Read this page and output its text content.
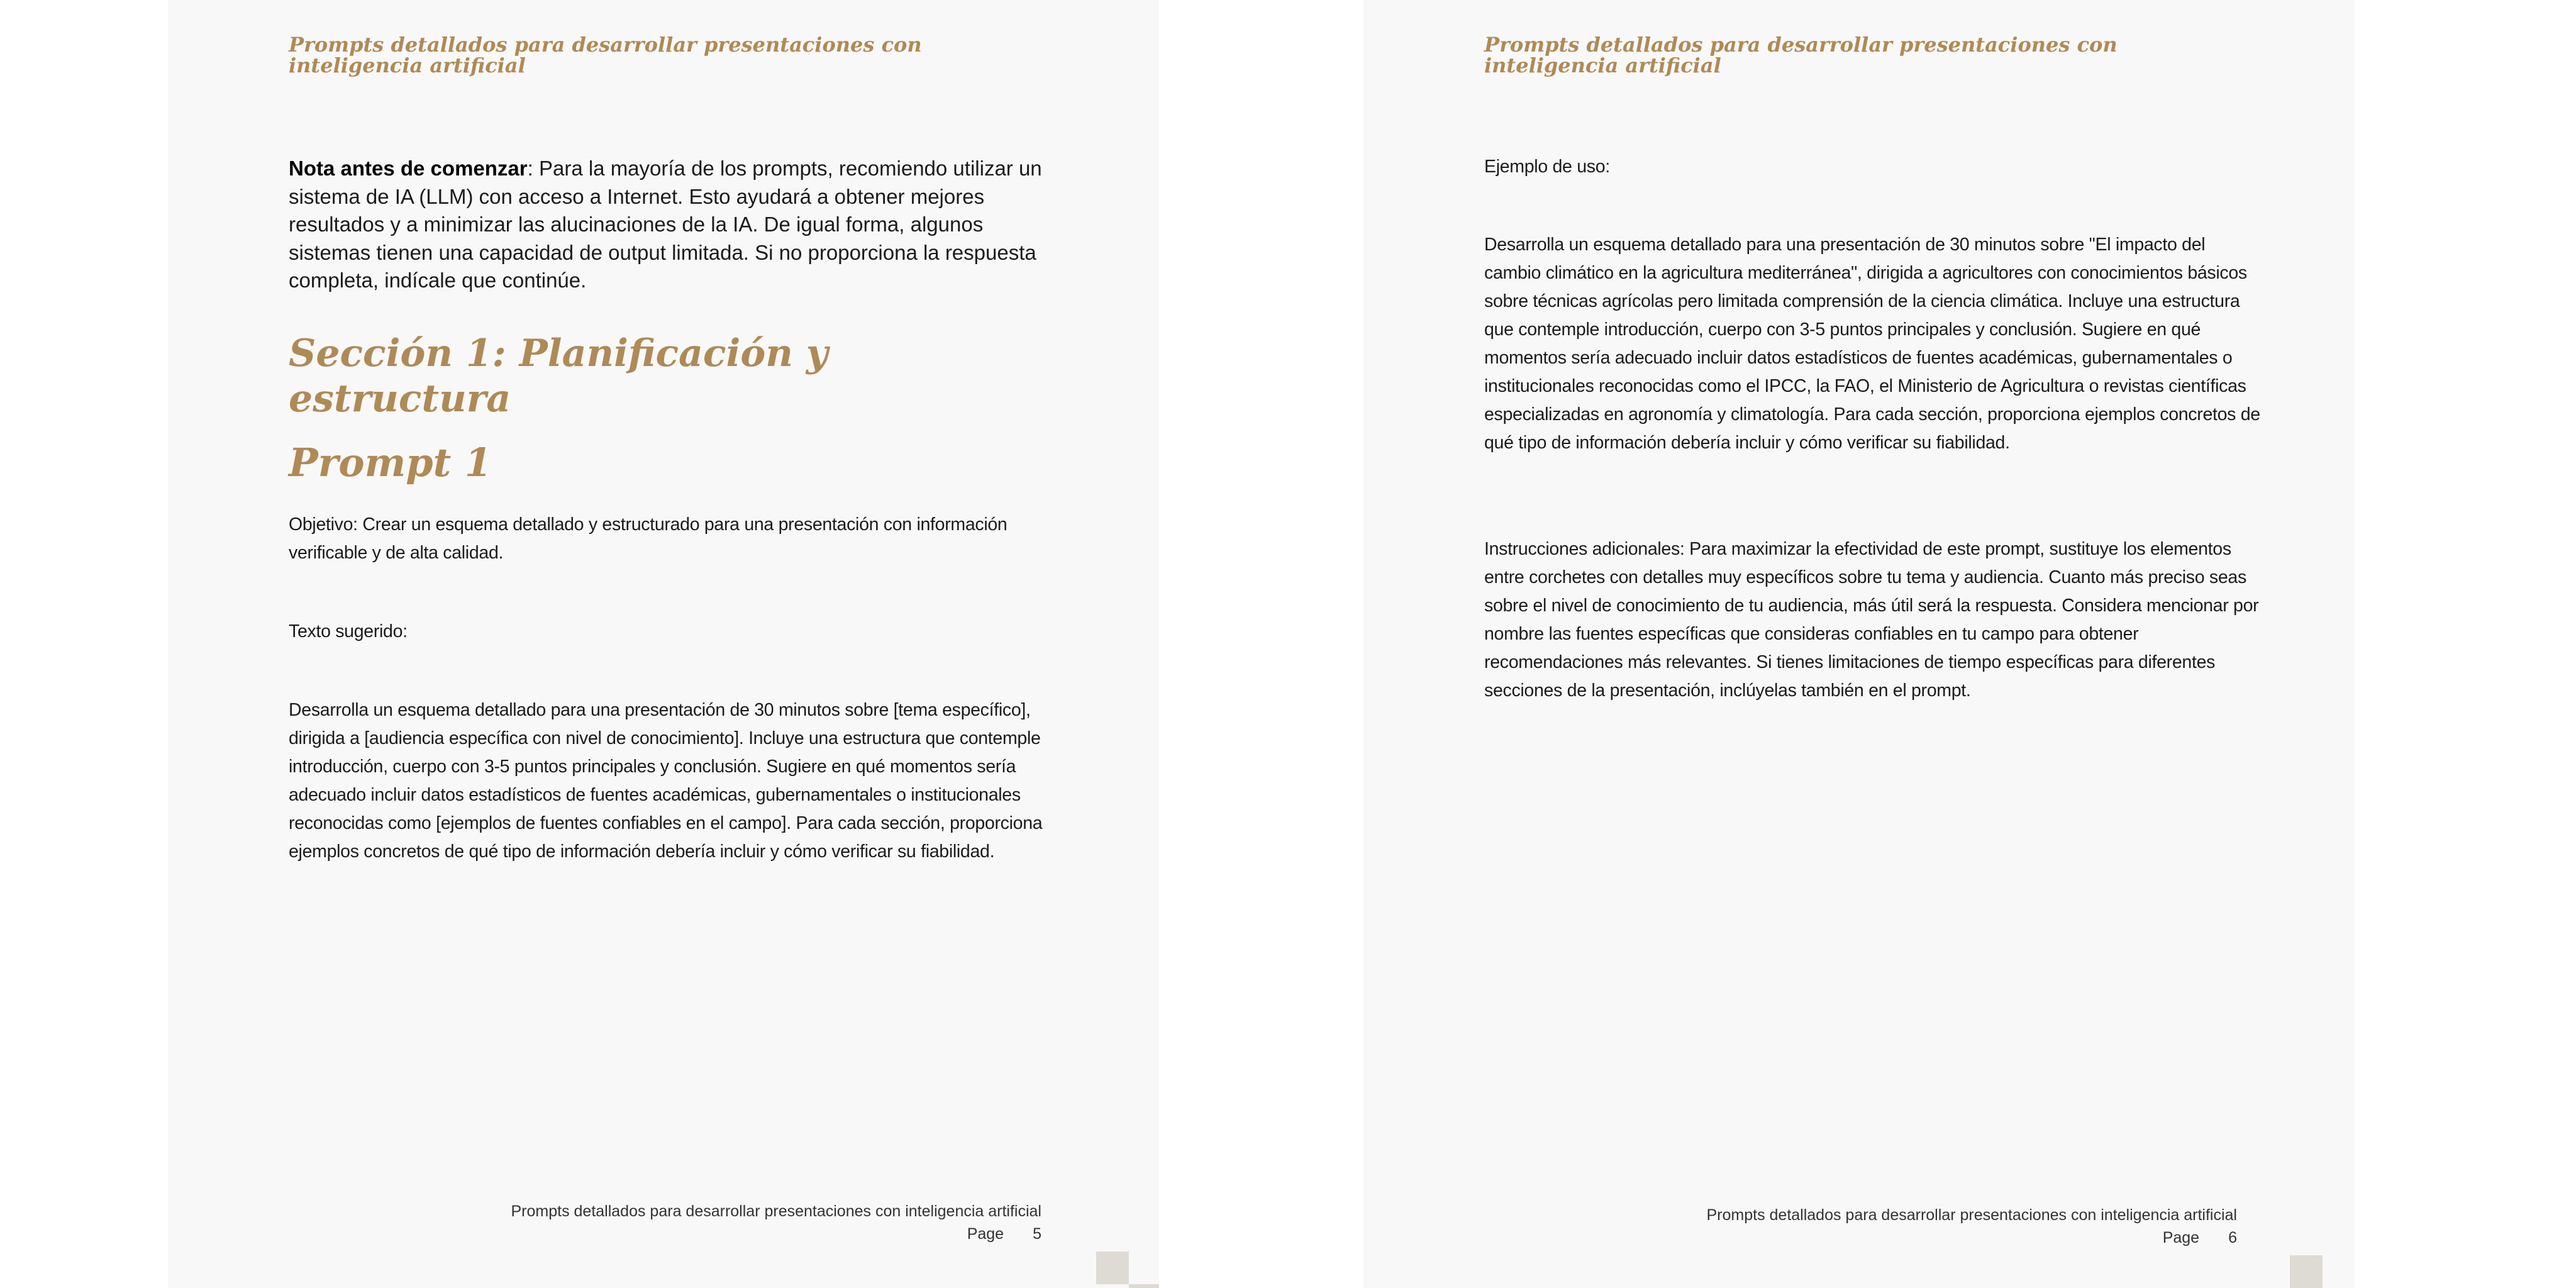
Prompts detallados para desarrollar presentaciones con inteligencia artificial
Nota antes de comenzar: Para la mayoría de los prompts, recomiendo utilizar un sistema de IA (LLM) con acceso a Internet. Esto ayudará a obtener mejores resultados y a minimizar las alucinaciones de la IA. De igual forma, algunos sistemas tienen una capacidad de output limitada. Si no proporciona la respuesta completa, indícale que continúe.
Sección 1: Planificación y estructura
Prompt 1
Objetivo: Crear un esquema detallado y estructurado para una presentación con información verificable y de alta calidad.
Texto sugerido:
Desarrolla un esquema detallado para una presentación de 30 minutos sobre [tema específico], dirigida a [audiencia específica con nivel de conocimiento]. Incluye una estructura que contemple introducción, cuerpo con 3-5 puntos principales y conclusión. Sugiere en qué momentos sería adecuado incluir datos estadísticos de fuentes académicas, gubernamentales o institucionales reconocidas como [ejemplos de fuentes confiables en el campo]. Para cada sección, proporciona ejemplos concretos de qué tipo de información debería incluir y cómo verificar su fiabilidad.
Prompts detallados para desarrollar presentaciones con inteligencia artificial
Page 5
Prompts detallados para desarrollar presentaciones con inteligencia artificial
Ejemplo de uso:
Desarrolla un esquema detallado para una presentación de 30 minutos sobre "El impacto del cambio climático en la agricultura mediterránea", dirigida a agricultores con conocimientos básicos sobre técnicas agrícolas pero limitada comprensión de la ciencia climática. Incluye una estructura que contemple introducción, cuerpo con 3-5 puntos principales y conclusión. Sugiere en qué momentos sería adecuado incluir datos estadísticos de fuentes académicas, gubernamentales o institucionales reconocidas como el IPCC, la FAO, el Ministerio de Agricultura o revistas científicas especializadas en agronomía y climatología. Para cada sección, proporciona ejemplos concretos de qué tipo de información debería incluir y cómo verificar su fiabilidad.
Instrucciones adicionales: Para maximizar la efectividad de este prompt, sustituye los elementos entre corchetes con detalles muy específicos sobre tu tema y audiencia. Cuanto más preciso seas sobre el nivel de conocimiento de tu audiencia, más útil será la respuesta. Considera mencionar por nombre las fuentes específicas que consideras confiables en tu campo para obtener recomendaciones más relevantes. Si tienes limitaciones de tiempo específicas para diferentes secciones de la presentación, inclúyelas también en el prompt.
Prompts detallados para desarrollar presentaciones con inteligencia artificial
Page 6
